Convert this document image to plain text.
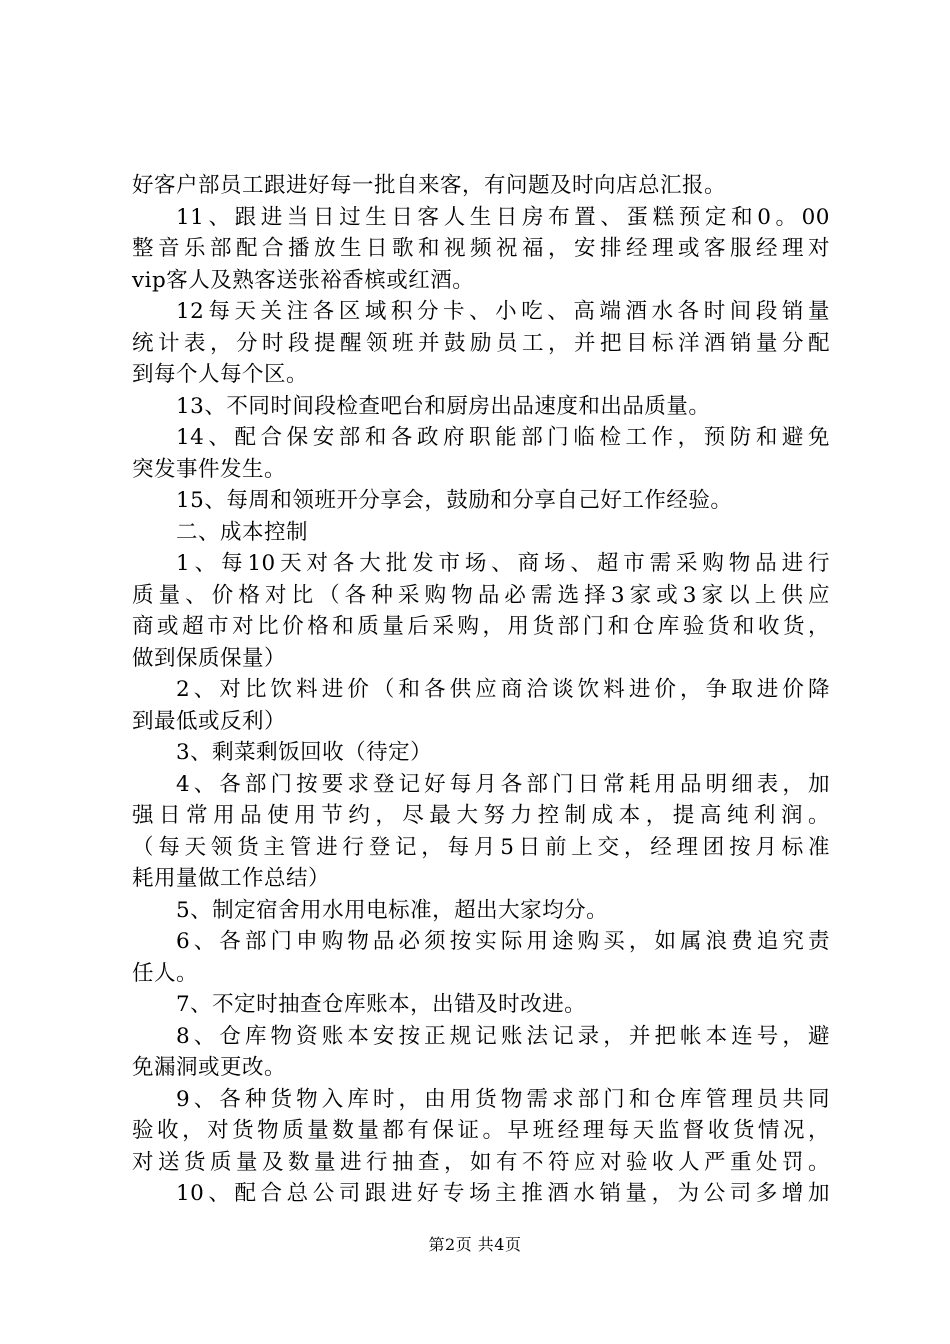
好客户部员工跟进好每一批自来客，有问题及时向店总汇报。
11、跟进当日过生日客人生日房布置、蛋糕预定和0。00
整音乐部配合播放生日歌和视频祝福，安排经理或客服经理对
vip客人及熟客送张裕香槟或红酒。
12每天关注各区域积分卡、小吃、高端酒水各时间段销量
统计表，分时段提醒领班并鼓励员工，并把目标洋酒销量分配
到每个人每个区。
13、不同时间段检查吧台和厨房出品速度和出品质量。
14、配合保安部和各政府职能部门临检工作，预防和避免
突发事件发生。
15、每周和领班开分享会，鼓励和分享自己好工作经验。
二、成本控制
1、每10天对各大批发市场、商场、超市需采购物品进行
质量、价格对比（各种采购物品必需选择3家或3家以上供应
商或超市对比价格和质量后采购，用货部门和仓库验货和收货，
做到保质保量）
2、对比饮料进价（和各供应商洽谈饮料进价，争取进价降
到最低或反利）
3、剩菜剩饭回收（待定）
4、各部门按要求登记好每月各部门日常耗用品明细表，加
强日常用品使用节约，尽最大努力控制成本，提高纯利润。
（每天领货主管进行登记，每月5日前上交，经理团按月标准
耗用量做工作总结）
5、制定宿舍用水用电标准，超出大家均分。
6、各部门申购物品必须按实际用途购买，如属浪费追究责
任人。
7、不定时抽查仓库账本，出错及时改进。
8、仓库物资账本安按正规记账法记录，并把帐本连号，避
免漏洞或更改。
9、各种货物入库时，由用货物需求部门和仓库管理员共同
验收，对货物质量数量都有保证。早班经理每天监督收货情况，
对送货质量及数量进行抽查，如有不符应对验收人严重处罚。
10、配合总公司跟进好专场主推酒水销量，为公司多增加
第2页 共4页
